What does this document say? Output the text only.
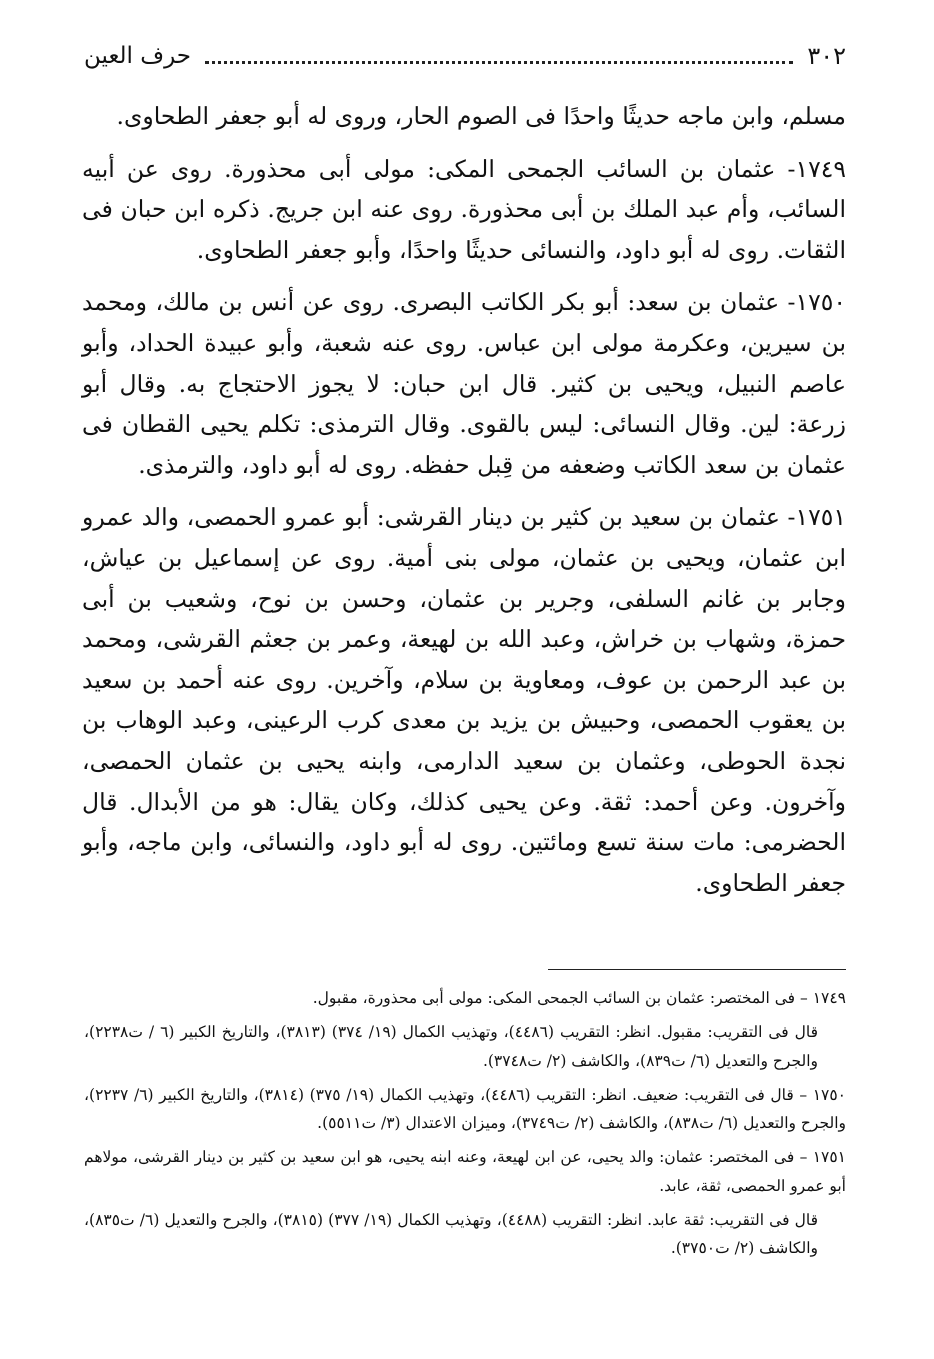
٣٠٢
حرف العين

مسلم، وابن ماجه حديثًا واحدًا فى الصوم الحار، وروى له أبو جعفر الطحاوى.

١٧٤٩- عثمان بن السائب الجمحى المكى: مولى أبى محذورة. روى عن أبيه السائب، وأم عبد الملك بن أبى محذورة. روى عنه ابن جريج. ذكره ابن حبان فى الثقات. روى له أبو داود، والنسائى حديثًا واحدًا، وأبو جعفر الطحاوى.

١٧٥٠- عثمان بن سعد: أبو بكر الكاتب البصرى. روى عن أنس بن مالك، ومحمد بن سيرين، وعكرمة مولى ابن عباس. روى عنه شعبة، وأبو عبيدة الحداد، وأبو عاصم النبيل، ويحيى بن كثير. قال ابن حبان: لا يجوز الاحتجاج به. وقال أبو زرعة: لين. وقال النسائى: ليس بالقوى. وقال الترمذى: تكلم يحيى القطان فى عثمان بن سعد الكاتب وضعفه من قِبل حفظه. روى له أبو داود، والترمذى.

١٧٥١- عثمان بن سعيد بن كثير بن دينار القرشى: أبو عمرو الحمصى، والد عمرو ابن عثمان، ويحيى بن عثمان، مولى بنى أمية. روى عن إسماعيل بن عياش، وجابر بن غانم السلفى، وجرير بن عثمان، وحسن بن نوح، وشعيب بن أبى حمزة، وشهاب بن خراش، وعبد الله بن لهيعة، وعمر بن جعثم القرشى، ومحمد بن عبد الرحمن بن عوف، ومعاوية بن سلام، وآخرين. روى عنه أحمد بن سعيد بن يعقوب الحمصى، وحبيش بن يزيد بن معدى كرب الرعينى، وعبد الوهاب بن نجدة الحوطى، وعثمان بن سعيد الدارمى، وابنه يحيى بن عثمان الحمصى، وآخرون. وعن أحمد: ثقة. وعن يحيى كذلك، وكان يقال: هو من الأبدال. قال الحضرمى: مات سنة تسع ومائتين. روى له أبو داود، والنسائى، وابن ماجه، وأبو جعفر الطحاوى.

١٧٤٩ – فى المختصر: عثمان بن السائب الجمحى المكى: مولى أبى محذورة، مقبول.

قال فى التقريب: مقبول. انظر: التقريب (٤٤٨٦)، وتهذيب الكمال (١٩/ ٣٧٤) (٣٨١٣)، والتاريخ الكبير (٦ / ت٢٢٣٨)، والجرح والتعديل (٦/ ت٨٣٩)، والكاشف (٢/ ت٣٧٤٨).

١٧٥٠ – قال فى التقريب: ضعيف. انظر: التقريب (٤٤٨٦)، وتهذيب الكمال (١٩/ ٣٧٥) (٣٨١٤)، والتاريخ الكبير (٦/ ٢٢٣٧)، والجرح والتعديل (٦/ ت٨٣٨)، والكاشف (٢/ ت٣٧٤٩)، وميزان الاعتدال (٣/ ت٥٥١١).

١٧٥١ – فى المختصر: عثمان: والد يحيى، عن ابن لهيعة، وعنه ابنه يحيى، هو ابن سعيد بن كثير بن دينار القرشى، مولاهم أبو عمرو الحمصى، ثقة، عابد.

قال فى التقريب: ثقة عابد. انظر: التقريب (٤٤٨٨)، وتهذيب الكمال (١٩/ ٣٧٧) (٣٨١٥)، والجرح والتعديل (٦/ ت٨٣٥)، والكاشف (٢/ ت٣٧٥٠).
